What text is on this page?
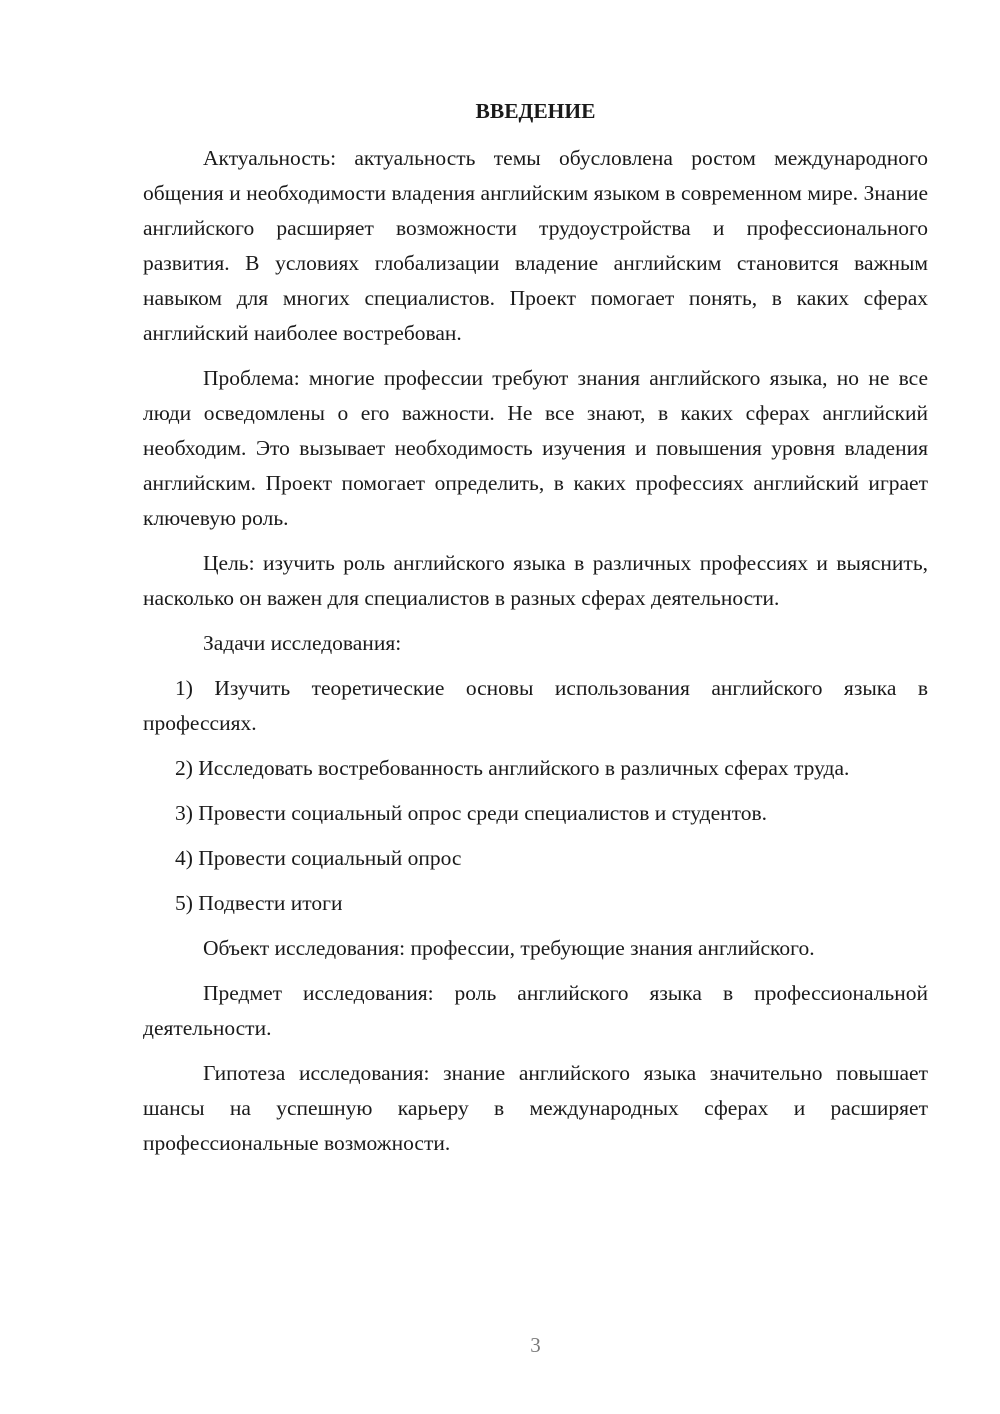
ВВЕДЕНИЕ

Актуальность: актуальность темы обусловлена ростом международного общения и необходимости владения английским языком в современном мире. Знание английского расширяет возможности трудоустройства и профессионального развития. В условиях глобализации владение английским становится важным навыком для многих специалистов. Проект помогает понять, в каких сферах английский наиболее востребован.

Проблема: многие профессии требуют знания английского языка, но не все люди осведомлены о его важности. Не все знают, в каких сферах английский необходим. Это вызывает необходимость изучения и повышения уровня владения английским. Проект помогает определить, в каких профессиях английский играет ключевую роль.

Цель: изучить роль английского языка в различных профессиях и выяснить, насколько он важен для специалистов в разных сферах деятельности.

Задачи исследования:

1) Изучить теоретические основы использования английского языка в профессиях.

2) Исследовать востребованность английского в различных сферах труда.

3) Провести социальный опрос среди специалистов и студентов.

4) Провести социальный опрос

5) Подвести итоги

Объект исследования: профессии, требующие знания английского.

Предмет исследования: роль английского языка в профессиональной деятельности.

Гипотеза исследования: знание английского языка значительно повышает шансы на успешную карьеру в международных сферах и расширяет профессиональные возможности.

3
